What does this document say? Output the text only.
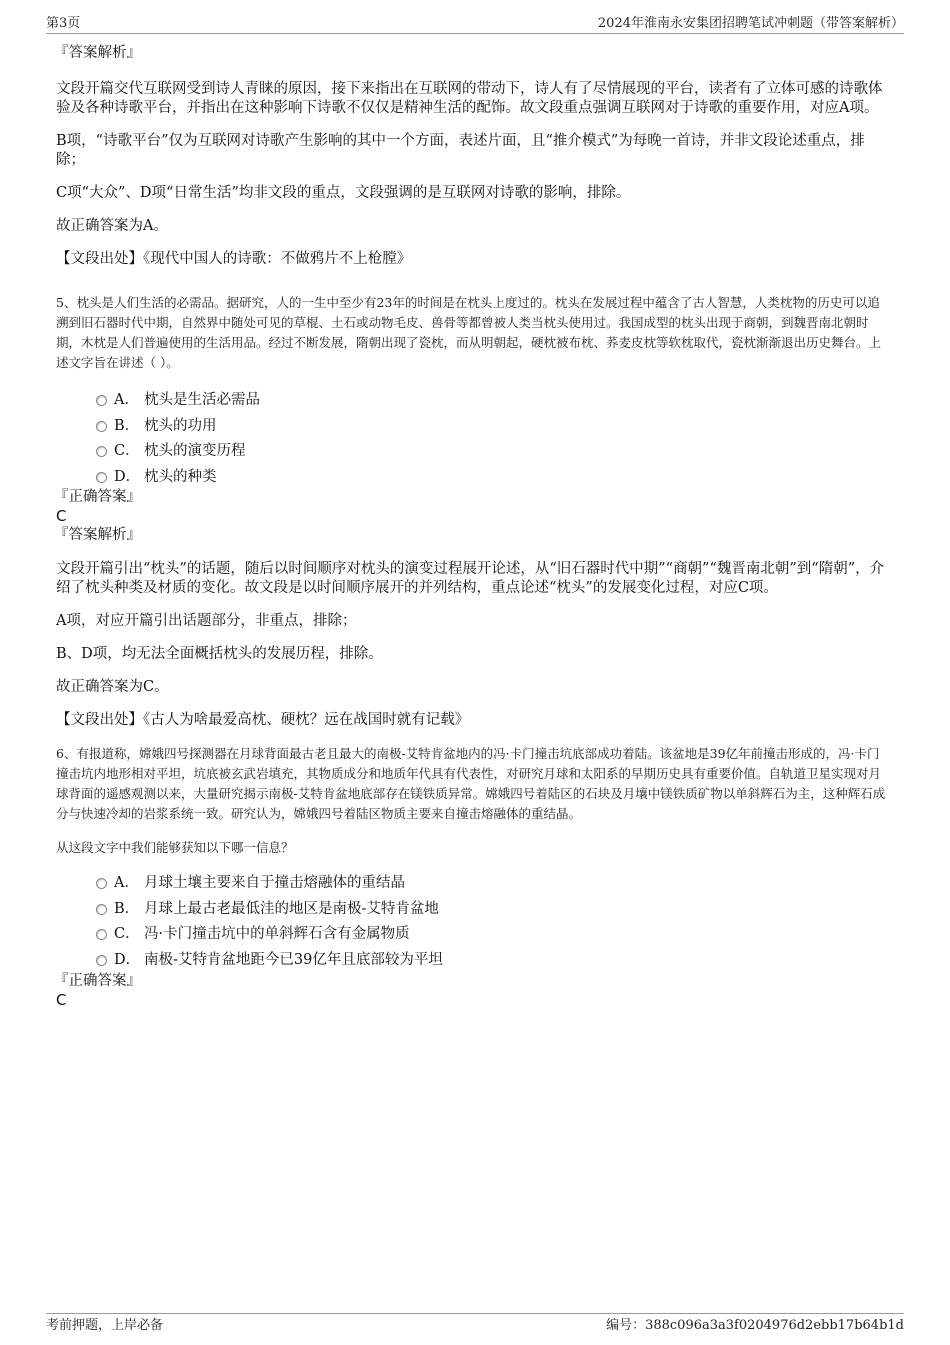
第3页	2024年淮南永安集团招聘笔试冲刺题（带答案解析）
『答案解析』

文段开篇交代互联网受到诗人青睐的原因，接下来指出在互联网的带动下，诗人有了尽情展现的平台，读者有了立体可感的诗歌体验及各种诗歌平台，并指出在这种影响下诗歌不仅仅是精神生活的配饰。故文段重点强调互联网对于诗歌的重要作用，对应A项。

B项，“诗歌平台”仅为互联网对诗歌产生影响的其中一个方面，表述片面，且“推介模式”为每晚一首诗，并非文段论述重点，排除；

C项“大众”、D项“日常生活”均非文段的重点，文段强调的是互联网对诗歌的影响，排除。

故正确答案为A。

【文段出处】《现代中国人的诗歌：不做鸦片不上枪膛》

5、枕头是人们生活的必需品。据研究，人的一生中至少有23年的时间是在枕头上度过的。枕头在发展过程中蕴含了古人智慧，人类枕物的历史可以追溯到旧石器时代中期，自然界中随处可见的草棍、土石或动物毛皮、兽骨等都曾被人类当枕头使用过。我国成型的枕头出现于商朝，到魏晋南北朝时期，木枕是人们普遍使用的生活用品。经过不断发展，隋朝出现了瓷枕，而从明朝起，硬枕被布枕、荞麦皮枕等软枕取代，瓷枕渐渐退出历史舞台。上述文字旨在讲述（ ）。

A． 枕头是生活必需品
B． 枕头的功用
C． 枕头的演变历程
D． 枕头的种类
『正确答案』
C
『答案解析』

文段开篇引出“枕头”的话题，随后以时间顺序对枕头的演变过程展开论述，从“旧石器时代中期”“商朝”“魏晋南北朝”到“隋朝”，介绍了枕头种类及材质的变化。故文段是以时间顺序展开的并列结构，重点论述“枕头”的发展变化过程，对应C项。

A项，对应开篇引出话题部分，非重点，排除；

B、D项，均无法全面概括枕头的发展历程，排除。

故正确答案为C。

【文段出处】《古人为啥最爱高枕、硬枕？远在战国时就有记载》

6、有报道称，嫦娥四号探测器在月球背面最古老且最大的南极-艾特肯盆地内的冯·卡门撞击坑底部成功着陆。该盆地是39亿年前撞击形成的，冯·卡门撞击坑内地形相对平坦，坑底被玄武岩填充，其物质成分和地质年代具有代表性，对研究月球和太阳系的早期历史具有重要价值。自轨道卫星实现对月球背面的遥感观测以来，大量研究揭示南极-艾特肯盆地底部存在镁铁质异常。嫦娥四号着陆区的石块及月壤中镁铁质矿物以单斜辉石为主，这种辉石成分与快速冷却的岩浆系统一致。研究认为，嫦娥四号着陆区物质主要来自撞击熔融体的重结晶。

从这段文字中我们能够获知以下哪一信息？

A． 月球土壤主要来自于撞击熔融体的重结晶
B． 月球上最古老最低洼的地区是南极-艾特肯盆地
C． 冯·卡门撞击坑中的单斜辉石含有金属物质
D． 南极-艾特肯盆地距今已39亿年且底部较为平坦
『正确答案』
C
考前押题，上岸必备	编号：388c096a3a3f0204976d2ebb17b64b1d
